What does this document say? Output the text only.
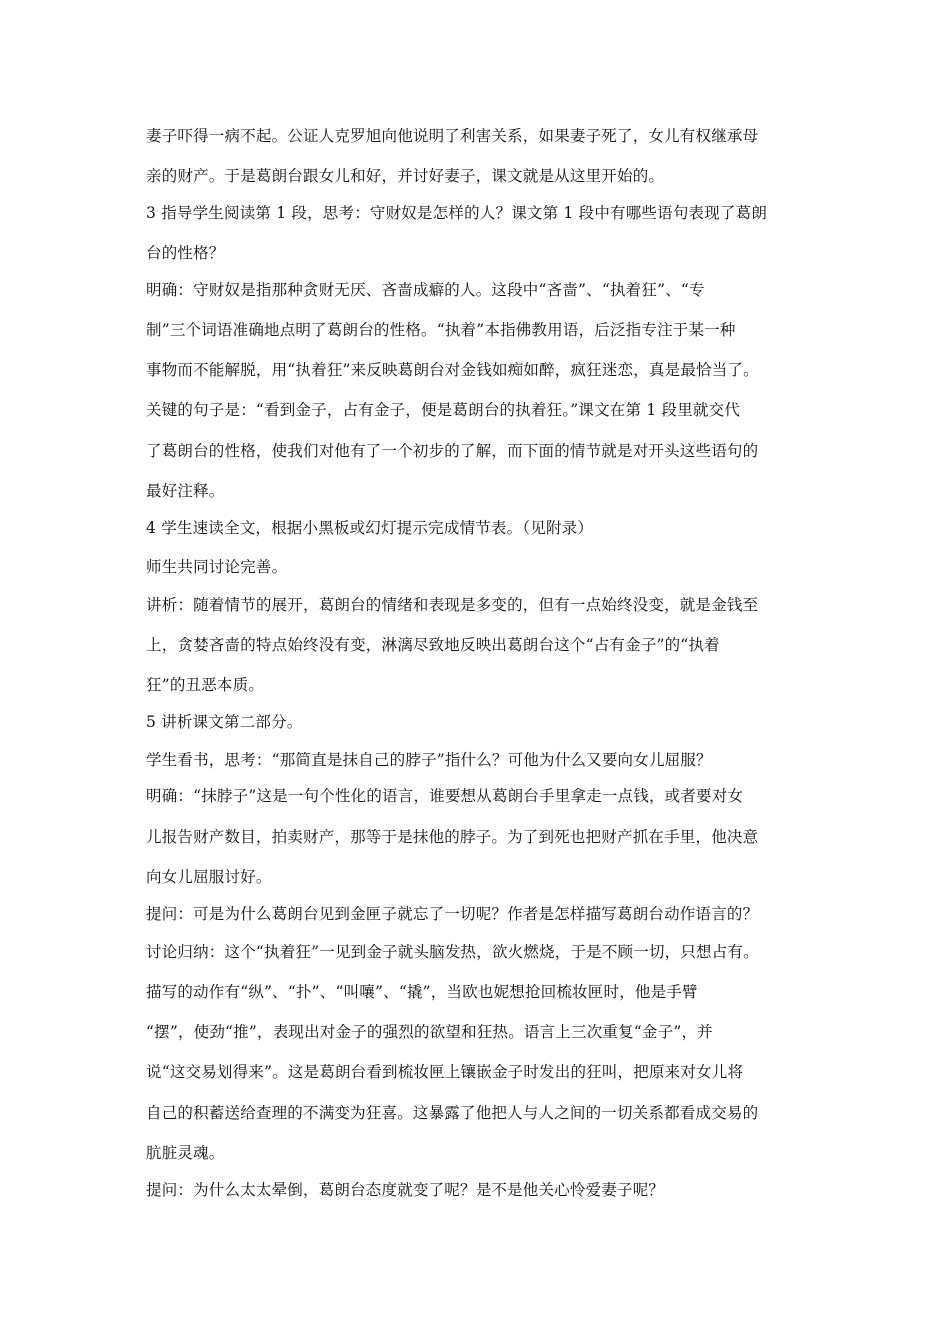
妻子吓得一病不起。公证人克罗旭向他说明了利害关系，如果妻子死了，女儿有权继承母
亲的财产。于是葛朗台跟女儿和好，并讨好妻子，课文就是从这里开始的。
3 指导学生阅读第 1 段，思考：守财奴是怎样的人？课文第 1 段中有哪些语句表现了葛朗
台的性格？
明确：守财奴是指那种贪财无厌、吝啬成癖的人。这段中“吝啬”、“执着狂”、“专
制”三个词语准确地点明了葛朗台的性格。“执着”本指佛教用语，后泛指专注于某一种
事物而不能解脱，用“执着狂”来反映葛朗台对金钱如痴如醉，疯狂迷恋，真是最恰当了。
关键的句子是：“看到金子，占有金子，便是葛朗台的执着狂。”课文在第 1 段里就交代
了葛朗台的性格，使我们对他有了一个初步的了解，而下面的情节就是对开头这些语句的
最好注释。
4 学生速读全文，根据小黑板或幻灯提示完成情节表。（见附录）
师生共同讨论完善。
讲析：随着情节的展开，葛朗台的情绪和表现是多变的，但有一点始终没变，就是金钱至
上，贪婪吝啬的特点始终没有变，淋漓尽致地反映出葛朗台这个“占有金子”的“执着
狂”的丑恶本质。
5 讲析课文第二部分。
学生看书，思考：“那简直是抹自己的脖子”指什么？可他为什么又要向女儿屈服？
明确：“抹脖子”这是一句个性化的语言，谁要想从葛朗台手里拿走一点钱，或者要对女
儿报告财产数目，拍卖财产，那等于是抹他的脖子。为了到死也把财产抓在手里，他决意
向女儿屈服讨好。
提问：可是为什么葛朗台见到金匣子就忘了一切呢？作者是怎样描写葛朗台动作语言的？
讨论归纳：这个“执着狂”一见到金子就头脑发热，欲火燃烧，于是不顾一切，只想占有。
描写的动作有“纵”、“扑”、“叫嚷”、“撬”，当欧也妮想抢回梳妆匣时，他是手臂
“摆”，使劲“推”，表现出对金子的强烈的欲望和狂热。语言上三次重复“金子”，并
说“这交易划得来”。这是葛朗台看到梳妆匣上镶嵌金子时发出的狂叫，把原来对女儿将
自己的积蓄送给查理的不满变为狂喜。这暴露了他把人与人之间的一切关系都看成交易的
肮脏灵魂。
提问：为什么太太晕倒，葛朗台态度就变了呢？是不是他关心怜爱妻子呢？
